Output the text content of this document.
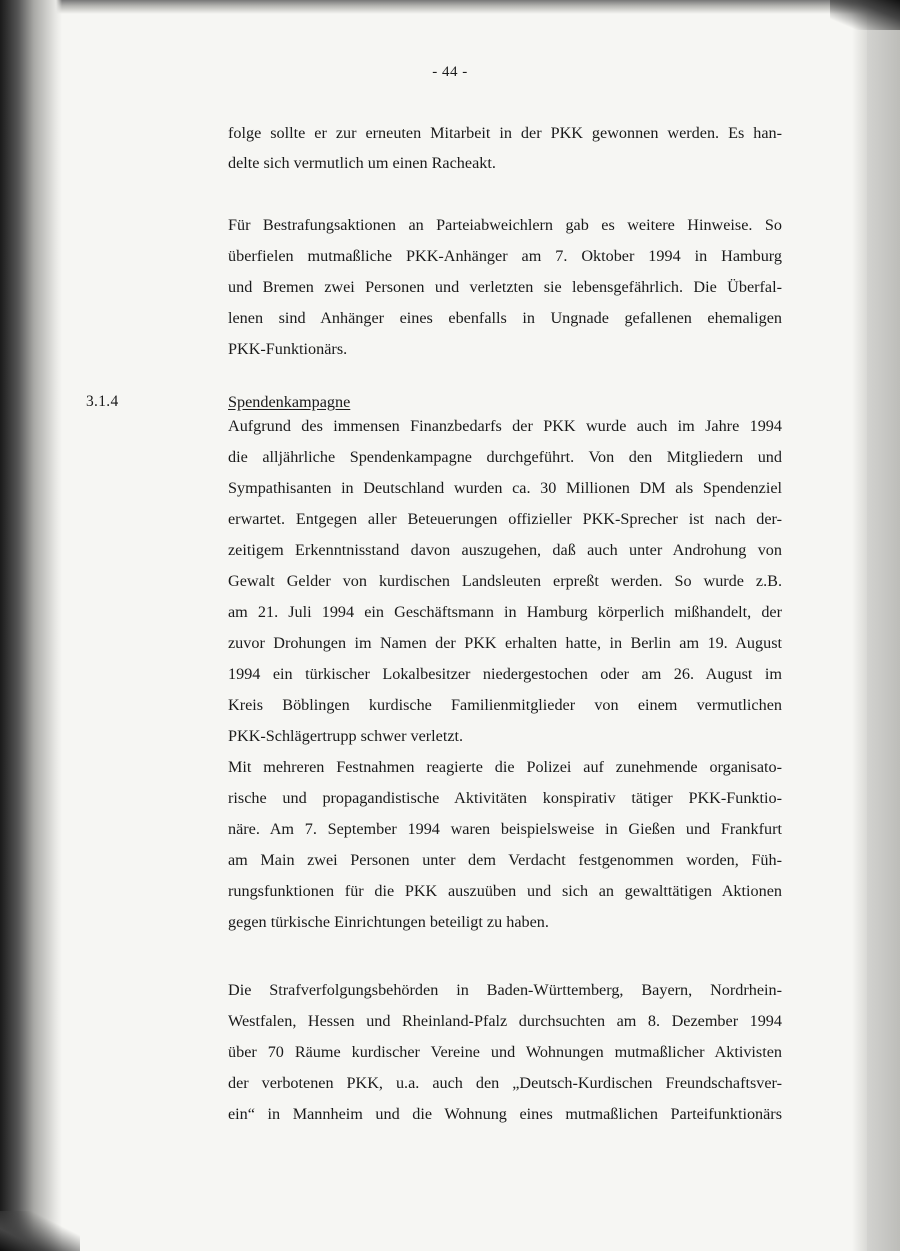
- 44 -
3.1.4	Spendenkampagne
folge sollte er zur erneuten Mitarbeit in der PKK gewonnen werden. Es han-
delte sich vermutlich um einen Racheakt.
Für Bestrafungsaktionen an Parteiabweichlern gab es weitere Hinweise. So
überfielen mutmaßliche PKK-Anhänger am 7. Oktober 1994 in Hamburg
und Bremen zwei Personen und verletzten sie lebensgefährlich. Die Überfal-
lenen sind Anhänger eines ebenfalls in Ungnade gefallenen ehemaligen
PKK-Funktionärs.
Aufgrund des immensen Finanzbedarfs der PKK wurde auch im Jahre 1994
die alljährliche Spendenkampagne durchgeführt. Von den Mitgliedern und
Sympathisanten in Deutschland wurden ca. 30 Millionen DM als Spendenziel
erwartet. Entgegen aller Beteuerungen offizieller PKK-Sprecher ist nach der-
zeitigem Erkenntnisstand davon auszugehen, daß auch unter Androhung von
Gewalt Gelder von kurdischen Landsleuten erpreßt werden. So wurde z.B.
am 21. Juli 1994 ein Geschäftsmann in Hamburg körperlich mißhandelt, der
zuvor Drohungen im Namen der PKK erhalten hatte, in Berlin am 19. August
1994 ein türkischer Lokalbesitzer niedergestochen oder am 26. August im
Kreis Böblingen kurdische Familienmitglieder von einem vermutlichen
PKK-Schlägertrupp schwer verletzt.
Mit mehreren Festnahmen reagierte die Polizei auf zunehmende organisato-
rische und propagandistische Aktivitäten konspirativ tätiger PKK-Funktio-
näre. Am 7. September 1994 waren beispielsweise in Gießen und Frankfurt
am Main zwei Personen unter dem Verdacht festgenommen worden, Füh-
rungsfunktionen für die PKK auszuüben und sich an gewalttätigen Aktionen
gegen türkische Einrichtungen beteiligt zu haben.
Die Strafverfolgungsbehörden in Baden-Württemberg, Bayern, Nordrhein-
Westfalen, Hessen und Rheinland-Pfalz durchsuchten am 8. Dezember 1994
über 70 Räume kurdischer Vereine und Wohnungen mutmaßlicher Aktivisten
der verbotenen PKK, u.a. auch den „Deutsch-Kurdischen Freundschaftsver-
ein“ in Mannheim und die Wohnung eines mutmaßlichen Parteifunktionärs
